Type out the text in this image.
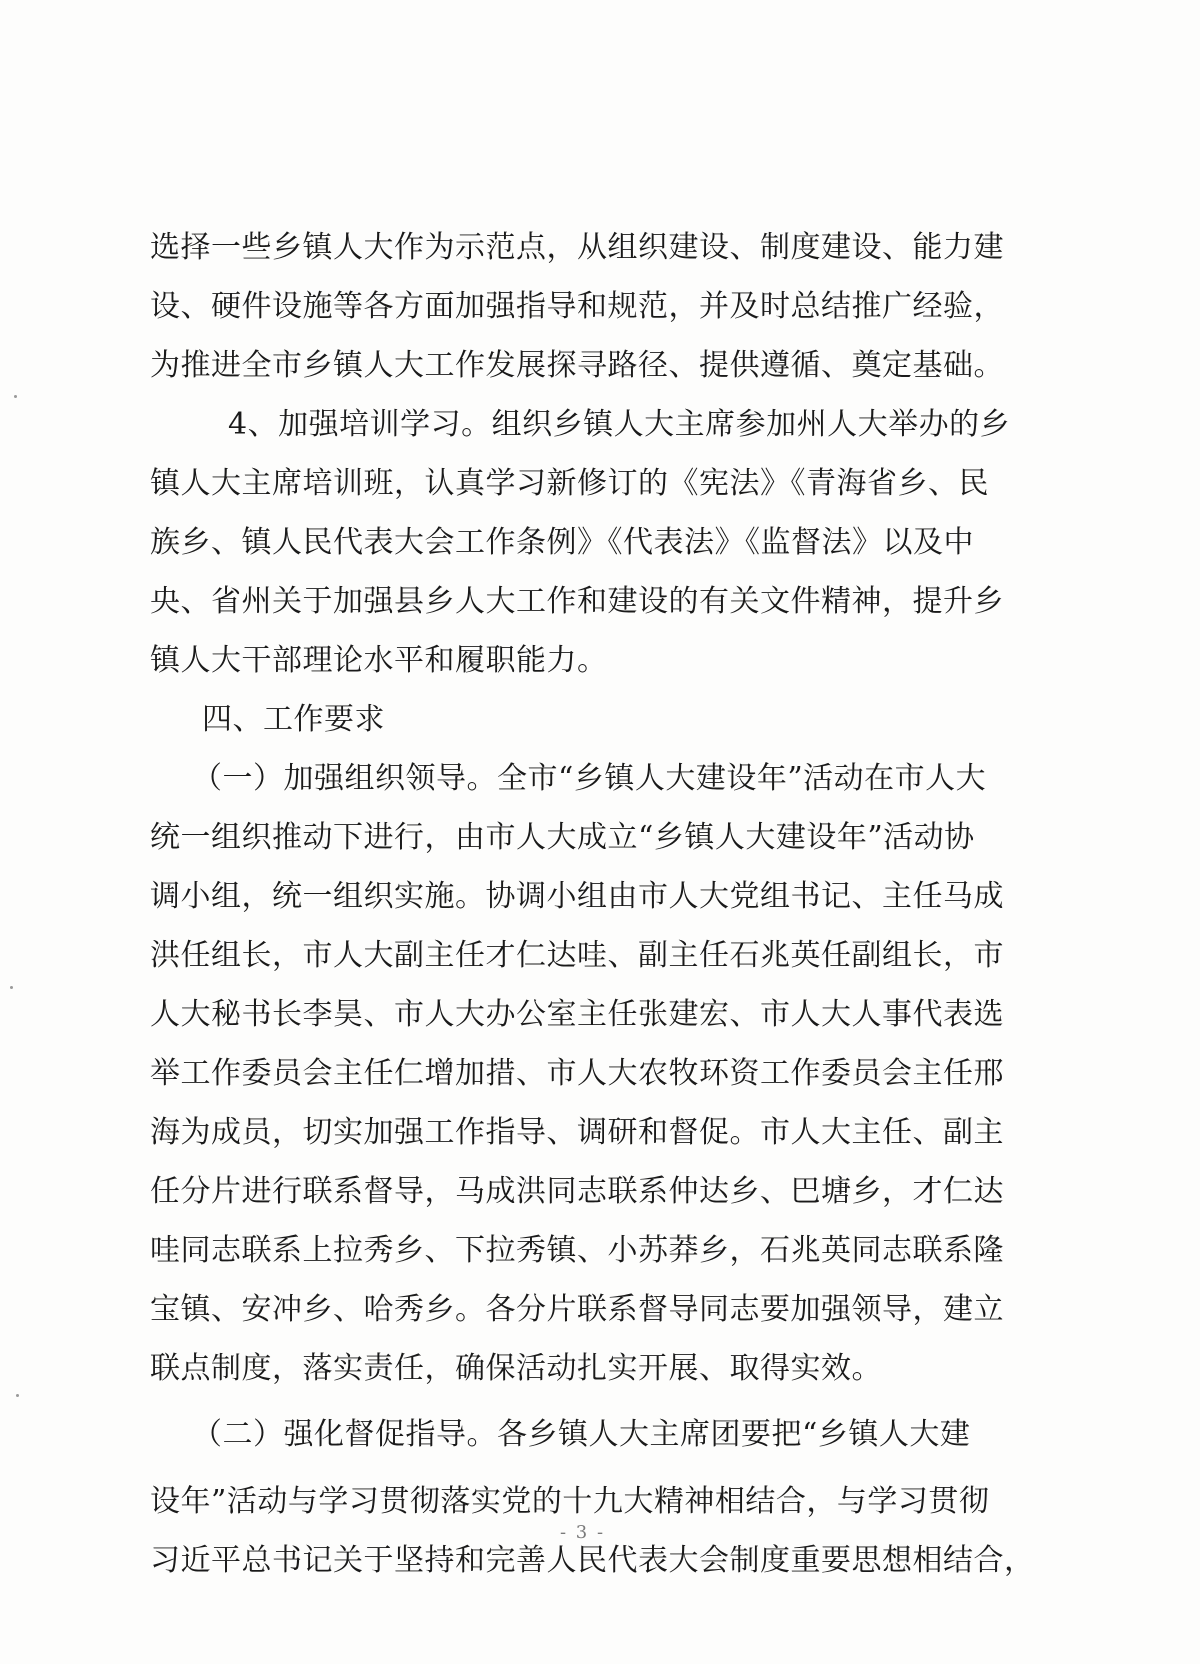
选择一些乡镇人大作为示范点，从组织建设、制度建设、能力建
设、硬件设施等各方面加强指导和规范，并及时总结推广经验，
为推进全市乡镇人大工作发展探寻路径、提供遵循、奠定基础。
4、加强培训学习。组织乡镇人大主席参加州人大举办的乡
镇人大主席培训班，认真学习新修订的《宪法》《青海省乡、民
族乡、镇人民代表大会工作条例》《代表法》《监督法》以及中
央、省州关于加强县乡人大工作和建设的有关文件精神，提升乡
镇人大干部理论水平和履职能力。
四、工作要求
（一）加强组织领导。全市“乡镇人大建设年”活动在市人大
统一组织推动下进行，由市人大成立“乡镇人大建设年”活动协
调小组，统一组织实施。协调小组由市人大党组书记、主任马成
洪任组长，市人大副主任才仁达哇、副主任石兆英任副组长，市
人大秘书长李昊、市人大办公室主任张建宏、市人大人事代表选
举工作委员会主任仁增加措、市人大农牧环资工作委员会主任邢
海为成员，切实加强工作指导、调研和督促。市人大主任、副主
任分片进行联系督导，马成洪同志联系仲达乡、巴塘乡，才仁达
哇同志联系上拉秀乡、下拉秀镇、小苏莽乡，石兆英同志联系隆
宝镇、安冲乡、哈秀乡。各分片联系督导同志要加强领导，建立
联点制度，落实责任，确保活动扎实开展、取得实效。
（二）强化督促指导。各乡镇人大主席团要把“乡镇人大建
设年”活动与学习贯彻落实党的十九大精神相结合，与学习贯彻
习近平总书记关于坚持和完善人民代表大会制度重要思想相结合，
- 3 -
